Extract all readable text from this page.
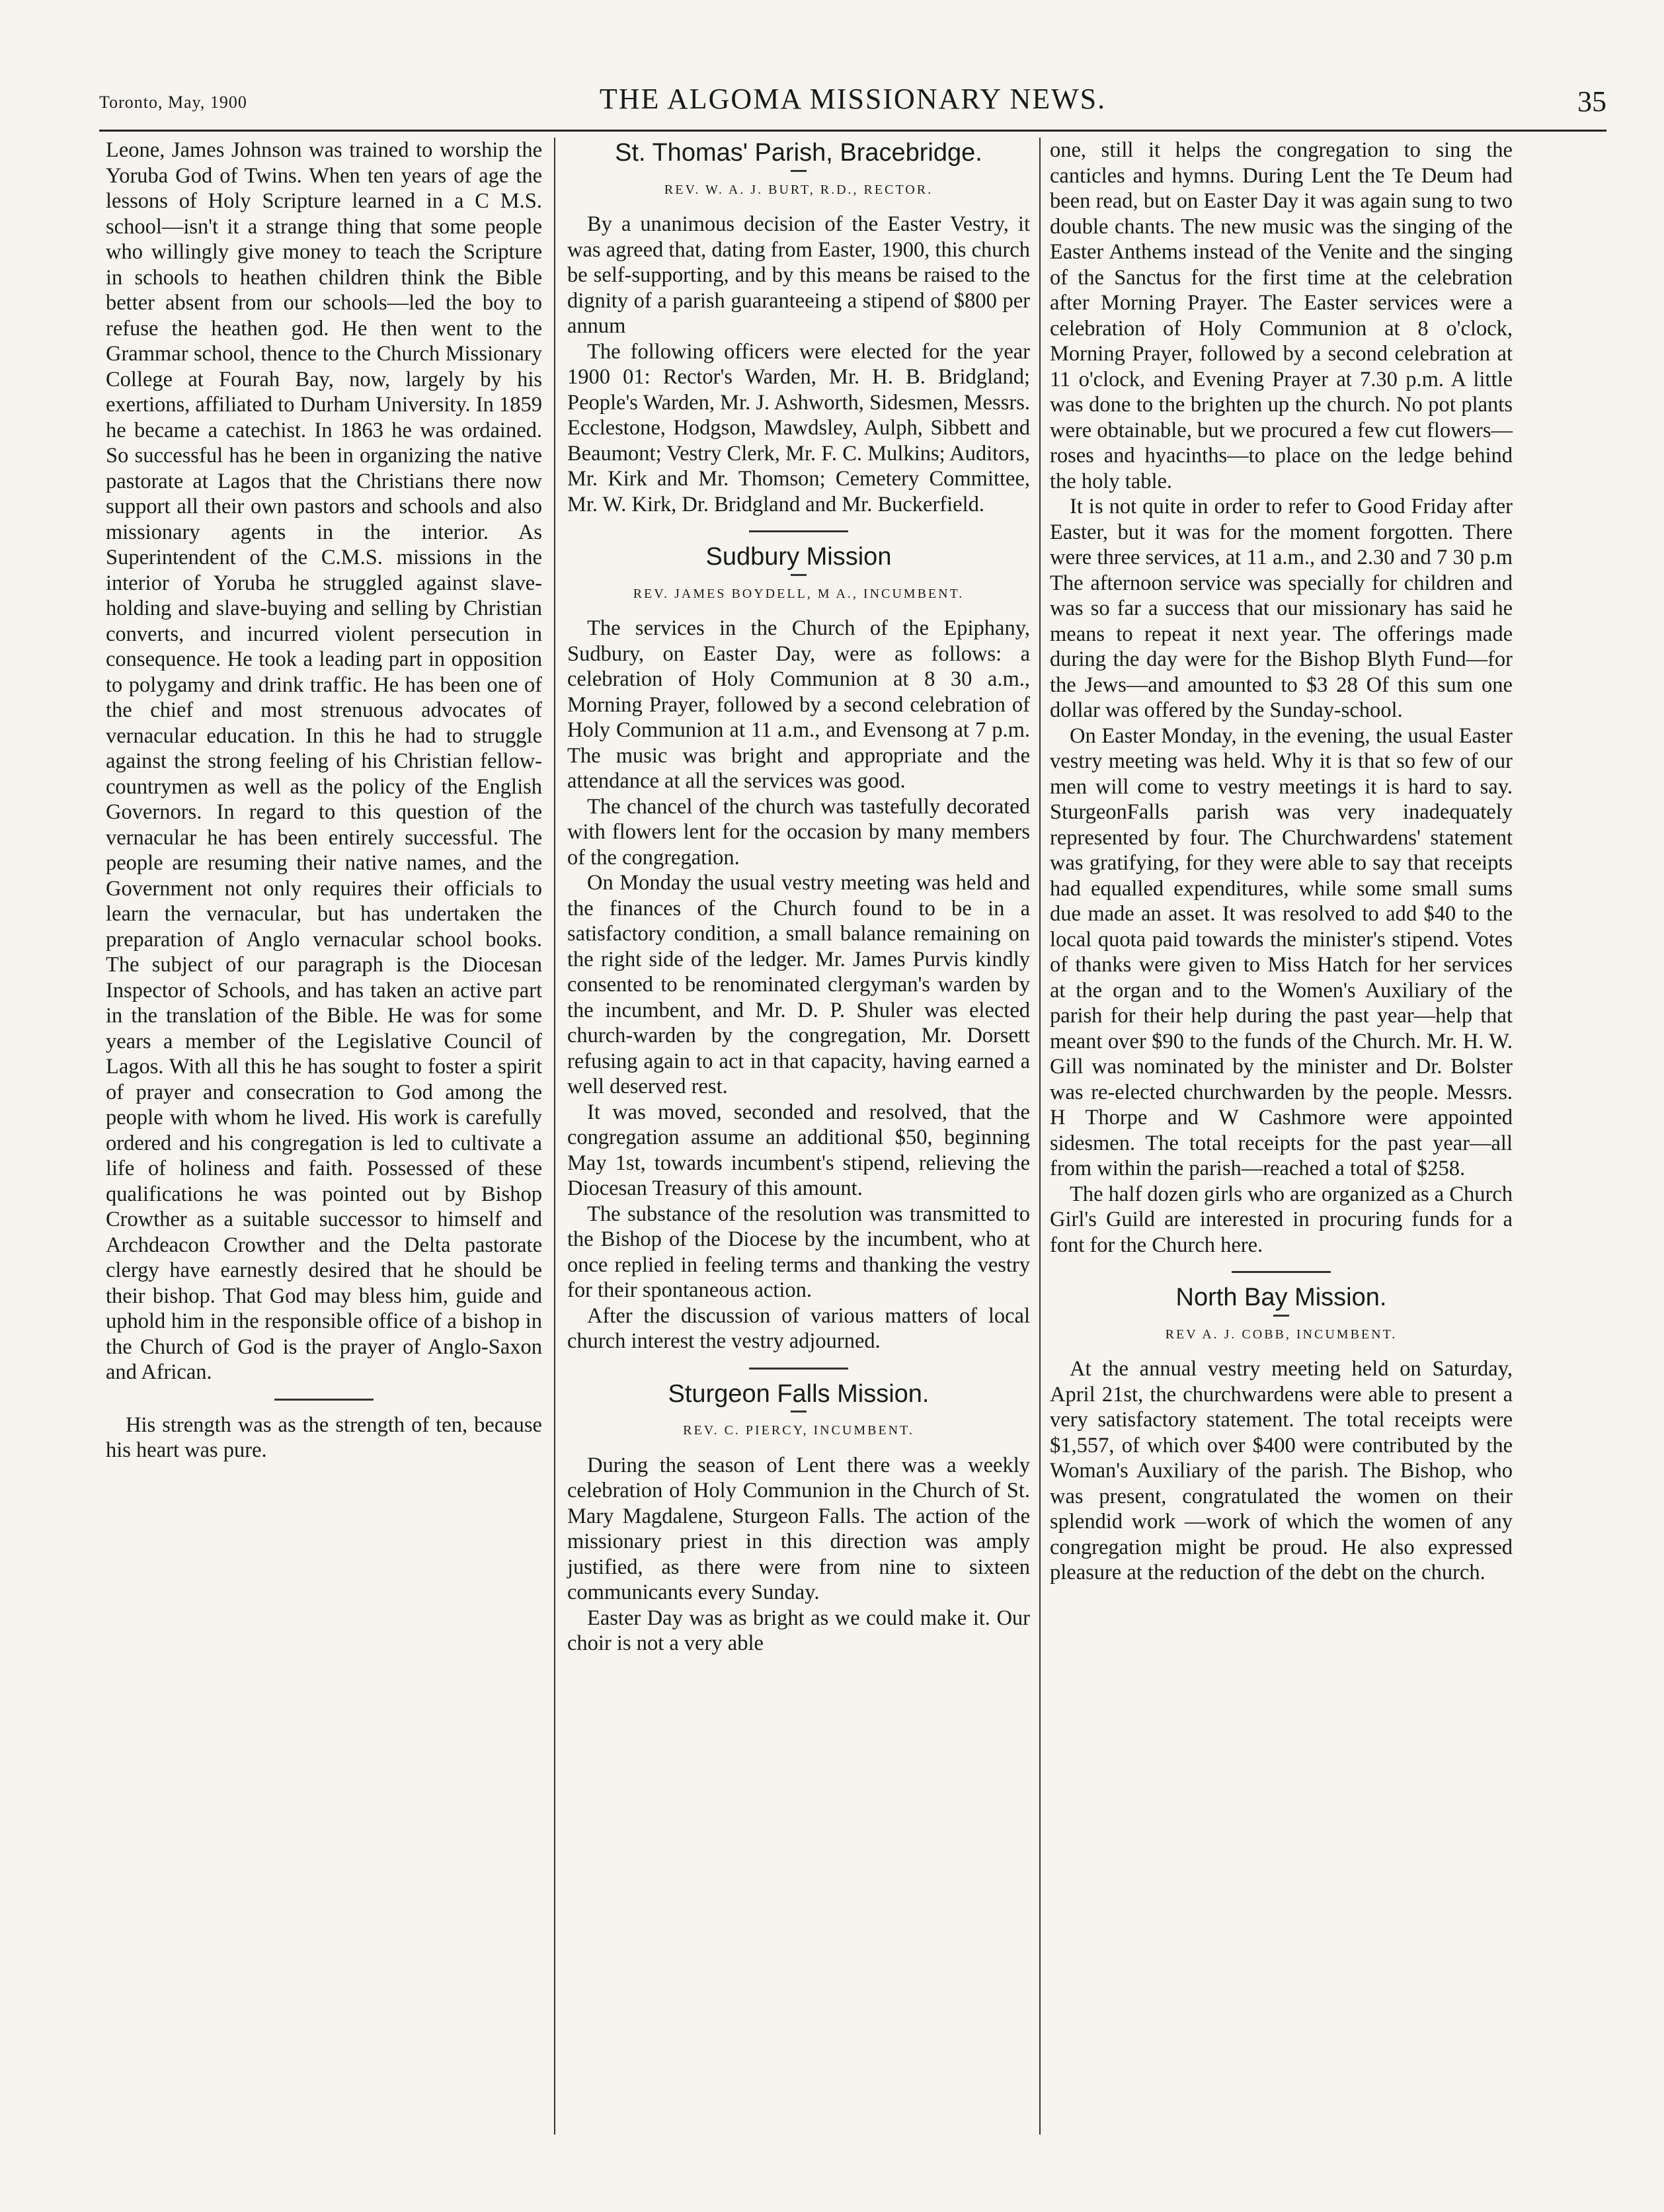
Toronto, May, 1900	THE ALGOMA MISSIONARY NEWS.	35

Leone, James Johnson was trained to worship the Yoruba God of Twins. When ten years of age the lessons of Holy Scripture learned in a C M.S. school—isn't it a strange thing that some people who willingly give money to teach the Scripture in schools to heathen children think the Bible better absent from our schools—led the boy to refuse the heathen god. He then went to the Grammar school, thence to the Church Missionary College at Fourah Bay, now, largely by his exertions, affiliated to Durham University. In 1859 he became a catechist. In 1863 he was ordained. So successful has he been in organizing the native pastorate at Lagos that the Christians there now support all their own pastors and schools and also missionary agents in the interior. As Superintendent of the C.M.S. missions in the interior of Yoruba he struggled against slave-holding and slave-buying and selling by Christian converts, and incurred violent persecution in consequence. He took a leading part in opposition to polygamy and drink traffic. He has been one of the chief and most strenuous advocates of vernacular education. In this he had to struggle against the strong feeling of his Christian fellow-countrymen as well as the policy of the English Governors. In regard to this question of the vernacular he has been entirely successful. The people are resuming their native names, and the Government not only requires their officials to learn the vernacular, but has undertaken the preparation of Anglo vernacular school books. The subject of our paragraph is the Diocesan Inspector of Schools, and has taken an active part in the translation of the Bible. He was for some years a member of the Legislative Council of Lagos. With all this he has sought to foster a spirit of prayer and consecration to God among the people with whom he lived. His work is carefully ordered and his congregation is led to cultivate a life of holiness and faith. Possessed of these qualifications he was pointed out by Bishop Crowther as a suitable successor to himself and Archdeacon Crowther and the Delta pastorate clergy have earnestly desired that he should be their bishop. That God may bless him, guide and uphold him in the responsible office of a bishop in the Church of God is the prayer of Anglo-Saxon and African.

His strength was as the strength of ten, because his heart was pure.

St. Thomas' Parish, Bracebridge.
REV. W. A. J. BURT, R.D., RECTOR.

By a unanimous decision of the Easter Vestry, it was agreed that, dating from Easter, 1900, this church be self-supporting, and by this means be raised to the dignity of a parish guaranteeing a stipend of $800 per annum

The following officers were elected for the year 1900 01: Rector's Warden, Mr. H. B. Bridgland; People's Warden, Mr. J. Ashworth, Sidesmen, Messrs. Ecclestone, Hodgson, Mawdsley, Aulph, Sibbett and Beaumont; Vestry Clerk, Mr. F. C. Mulkins; Auditors, Mr. Kirk and Mr. Thomson; Cemetery Committee, Mr. W. Kirk, Dr. Bridgland and Mr. Buckerfield.

Sudbury Mission
REV. JAMES BOYDELL, M A., INCUMBENT.

The services in the Church of the Epiphany, Sudbury, on Easter Day, were as follows: a celebration of Holy Communion at 8 30 a.m., Morning Prayer, followed by a second celebration of Holy Communion at 11 a.m., and Evensong at 7 p.m. The music was bright and appropriate and the attendance at all the services was good.

The chancel of the church was tastefully decorated with flowers lent for the occasion by many members of the congregation.

On Monday the usual vestry meeting was held and the finances of the Church found to be in a satisfactory condition, a small balance remaining on the right side of the ledger. Mr. James Purvis kindly consented to be renominated clergyman's warden by the incumbent, and Mr. D. P. Shuler was elected church-warden by the congregation, Mr. Dorsett refusing again to act in that capacity, having earned a well deserved rest.

It was moved, seconded and resolved, that the congregation assume an additional $50, beginning May 1st, towards incumbent's stipend, relieving the Diocesan Treasury of this amount.

The substance of the resolution was transmitted to the Bishop of the Diocese by the incumbent, who at once replied in feeling terms and thanking the vestry for their spontaneous action.

After the discussion of various matters of local church interest the vestry adjourned.

Sturgeon Falls Mission.
REV. C. PIERCY, INCUMBENT.

During the season of Lent there was a weekly celebration of Holy Communion in the Church of St. Mary Magdalene, Sturgeon Falls. The action of the missionary priest in this direction was amply justified, as there were from nine to sixteen communicants every Sunday.

Easter Day was as bright as we could make it. Our choir is not a very able

one, still it helps the congregation to sing the canticles and hymns. During Lent the Te Deum had been read, but on Easter Day it was again sung to two double chants. The new music was the singing of the Easter Anthems instead of the Venite and the singing of the Sanctus for the first time at the celebration after Morning Prayer. The Easter services were a celebration of Holy Communion at 8 o'clock, Morning Prayer, followed by a second celebration at 11 o'clock, and Evening Prayer at 7.30 p.m. A little was done to the brighten up the church. No pot plants were obtainable, but we procured a few cut flowers—roses and hyacinths—to place on the ledge behind the holy table.

It is not quite in order to refer to Good Friday after Easter, but it was for the moment forgotten. There were three services, at 11 a.m., and 2.30 and 7 30 p.m The afternoon service was specially for children and was so far a success that our missionary has said he means to repeat it next year. The offerings made during the day were for the Bishop Blyth Fund—for the Jews—and amounted to $3 28 Of this sum one dollar was offered by the Sunday-school.

On Easter Monday, in the evening, the usual Easter vestry meeting was held. Why it is that so few of our men will come to vestry meetings it is hard to say. SturgeonFalls parish was very inadequately represented by four. The Churchwardens' statement was gratifying, for they were able to say that receipts had equalled expenditures, while some small sums due made an asset. It was resolved to add $40 to the local quota paid towards the minister's stipend. Votes of thanks were given to Miss Hatch for her services at the organ and to the Women's Auxiliary of the parish for their help during the past year—help that meant over $90 to the funds of the Church. Mr. H. W. Gill was nominated by the minister and Dr. Bolster was re-elected churchwarden by the people. Messrs. H Thorpe and W Cashmore were appointed sidesmen. The total receipts for the past year—all from within the parish—reached a total of $258.

The half dozen girls who are organized as a Church Girl's Guild are interested in procuring funds for a font for the Church here.

North Bay Mission.
REV A. J. COBB, INCUMBENT.

At the annual vestry meeting held on Saturday, April 21st, the churchwardens were able to present a very satisfactory statement. The total receipts were $1,557, of which over $400 were contributed by the Woman's Auxiliary of the parish. The Bishop, who was present, congratulated the women on their splendid work —work of which the women of any congregation might be proud. He also expressed pleasure at the reduction of the debt on the church.
